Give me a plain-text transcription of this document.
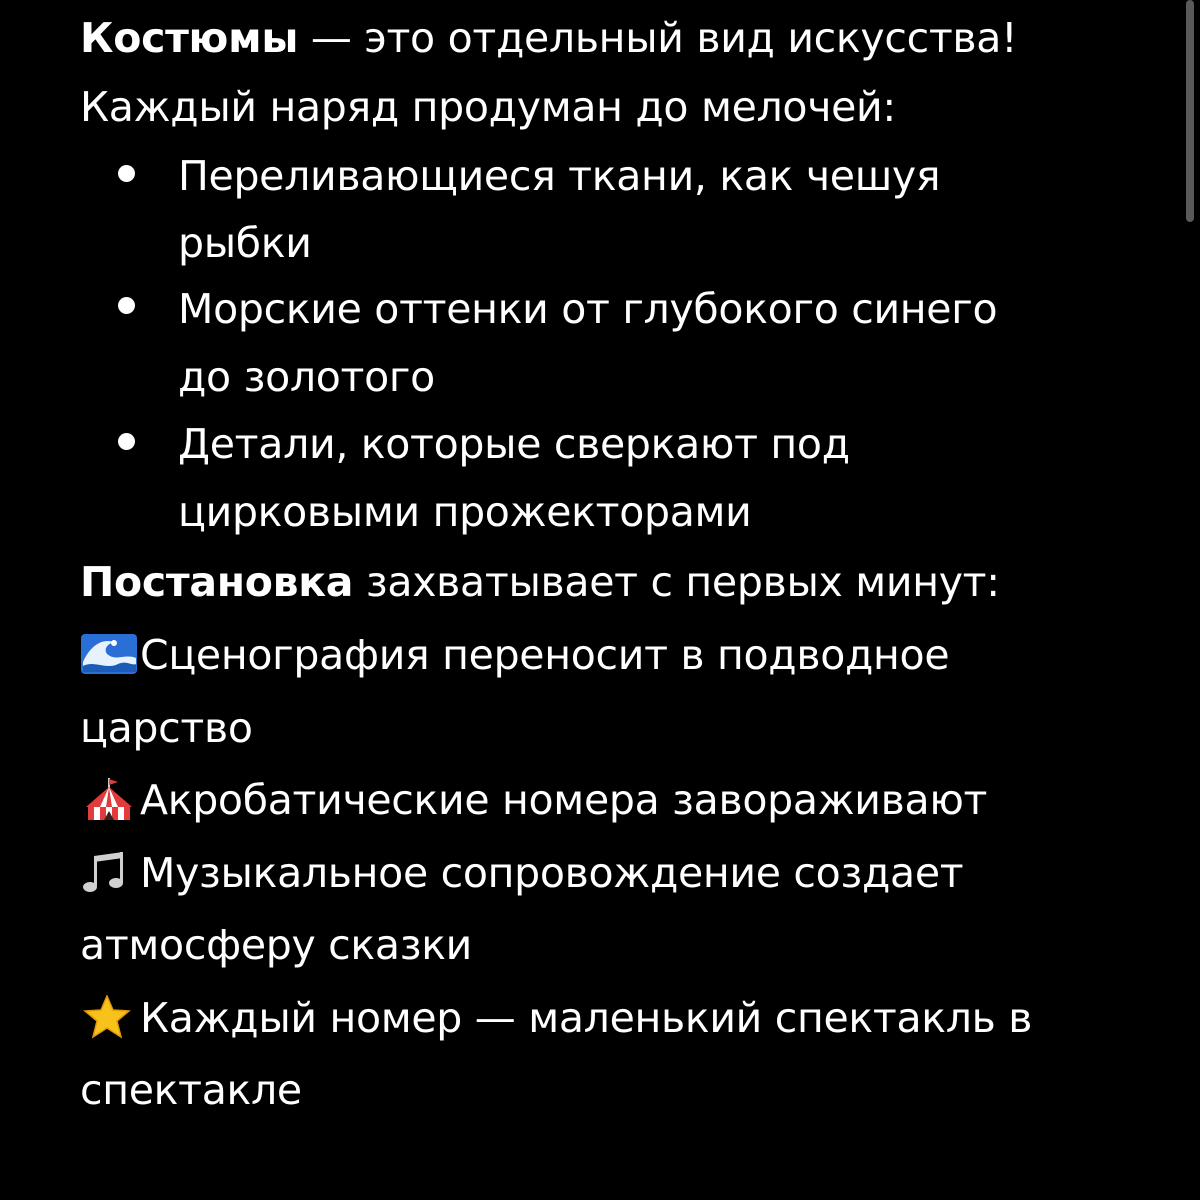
Костюмы — это отдельный вид искусства!
Каждый наряд продуман до мелочей:
Переливающиеся ткани, как чешуя
рыбки
Морские оттенки от глубокого синего
до золотого
Детали, которые сверкают под
цирковыми прожекторами
Постановка захватывает с первых минут:
Сценография переносит в подводное
царство
Акробатические номера завораживают
Музыкальное сопровождение создает
атмосферу сказки
Каждый номер — маленький спектакль в
спектакле
